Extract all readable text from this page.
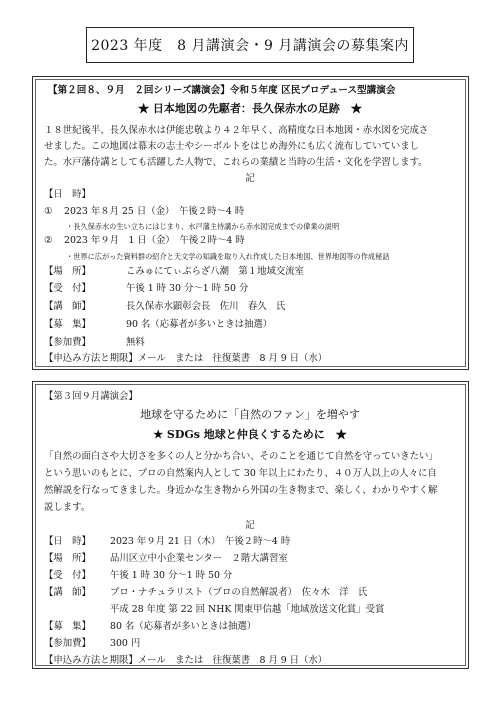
2023 年度　8 月講演会・9 月講演会の募集案内
【第２回８、９月　２回シリーズ講演会】令和５年度 区民プロデュース型講演会
★ 日本地図の先駆者：長久保赤水の足跡　★
１８世紀後半、長久保赤水は伊能忠敬より４２年早く、高精度な日本地図・赤水図を完成さ
せました。この地図は幕末の志士やシーボルトをはじめ海外にも広く流布していていまし
た。水戸藩侍講としても活躍した人物で、これらの業績と当時の生活・文化を学習します。
記
【日　時】
① 2023 年８月 25 日（金）　午後２時〜4 時
・長久保赤水の生い立ちにはじまり、水戸藩主侍講から赤水図完成までの偉業の説明
② 2023 年９月　1 日（金）　午後２時〜4 時
・世界に広がった資料群の紹介と天文学の知識を取り入れ作成した日本地図、世界地図等の作成秘話
【場　所】	こみゅにてぃぷらざ八潮　第１地域交流室
【受　付】	午後 1 時 30 分〜1 時 50 分
【講　師】	長久保赤水顕彰会長　佐川　春久　氏
【募　集】	90 名（応募者が多いときは抽選）
【参加費】	無料
【申込み方法と期限】メール　または　往復葉書　8 月 9 日（水）
【第３回９月講演会】
地球を守るために「自然のファン」を増やす
★ SDGs 地球と仲良くするために　★
「自然の面白さや大切さを多くの人と分かち合い、そのことを通じて自然を守っていきたい」
という思いのもとに、プロの自然案内人として 30 年以上にわたり、４０万人以上の人々に自
然解説を行なってきました。身近かな生き物から外国の生き物まで、楽しく、わかりやすく解
説します。
記
【日　時】 2023 年９月 21 日（木）　午後２時〜4 時
【場　所】 品川区立中小企業センター　２階大講習室
【受　付】 午後 1 時 30 分〜1 時 50 分
【講　師】 プロ・ナチュラリスト（プロの自然解説者）　佐々木　洋　氏
平成 28 年度 第 22 回 NHK 関東甲信越「地域放送文化賞」受賞
【募　集】 80 名（応募者が多いときは抽選）
【参加費】 300 円
【申込み方法と期限】メール　または　往復葉書　8 月 9 日（水）
